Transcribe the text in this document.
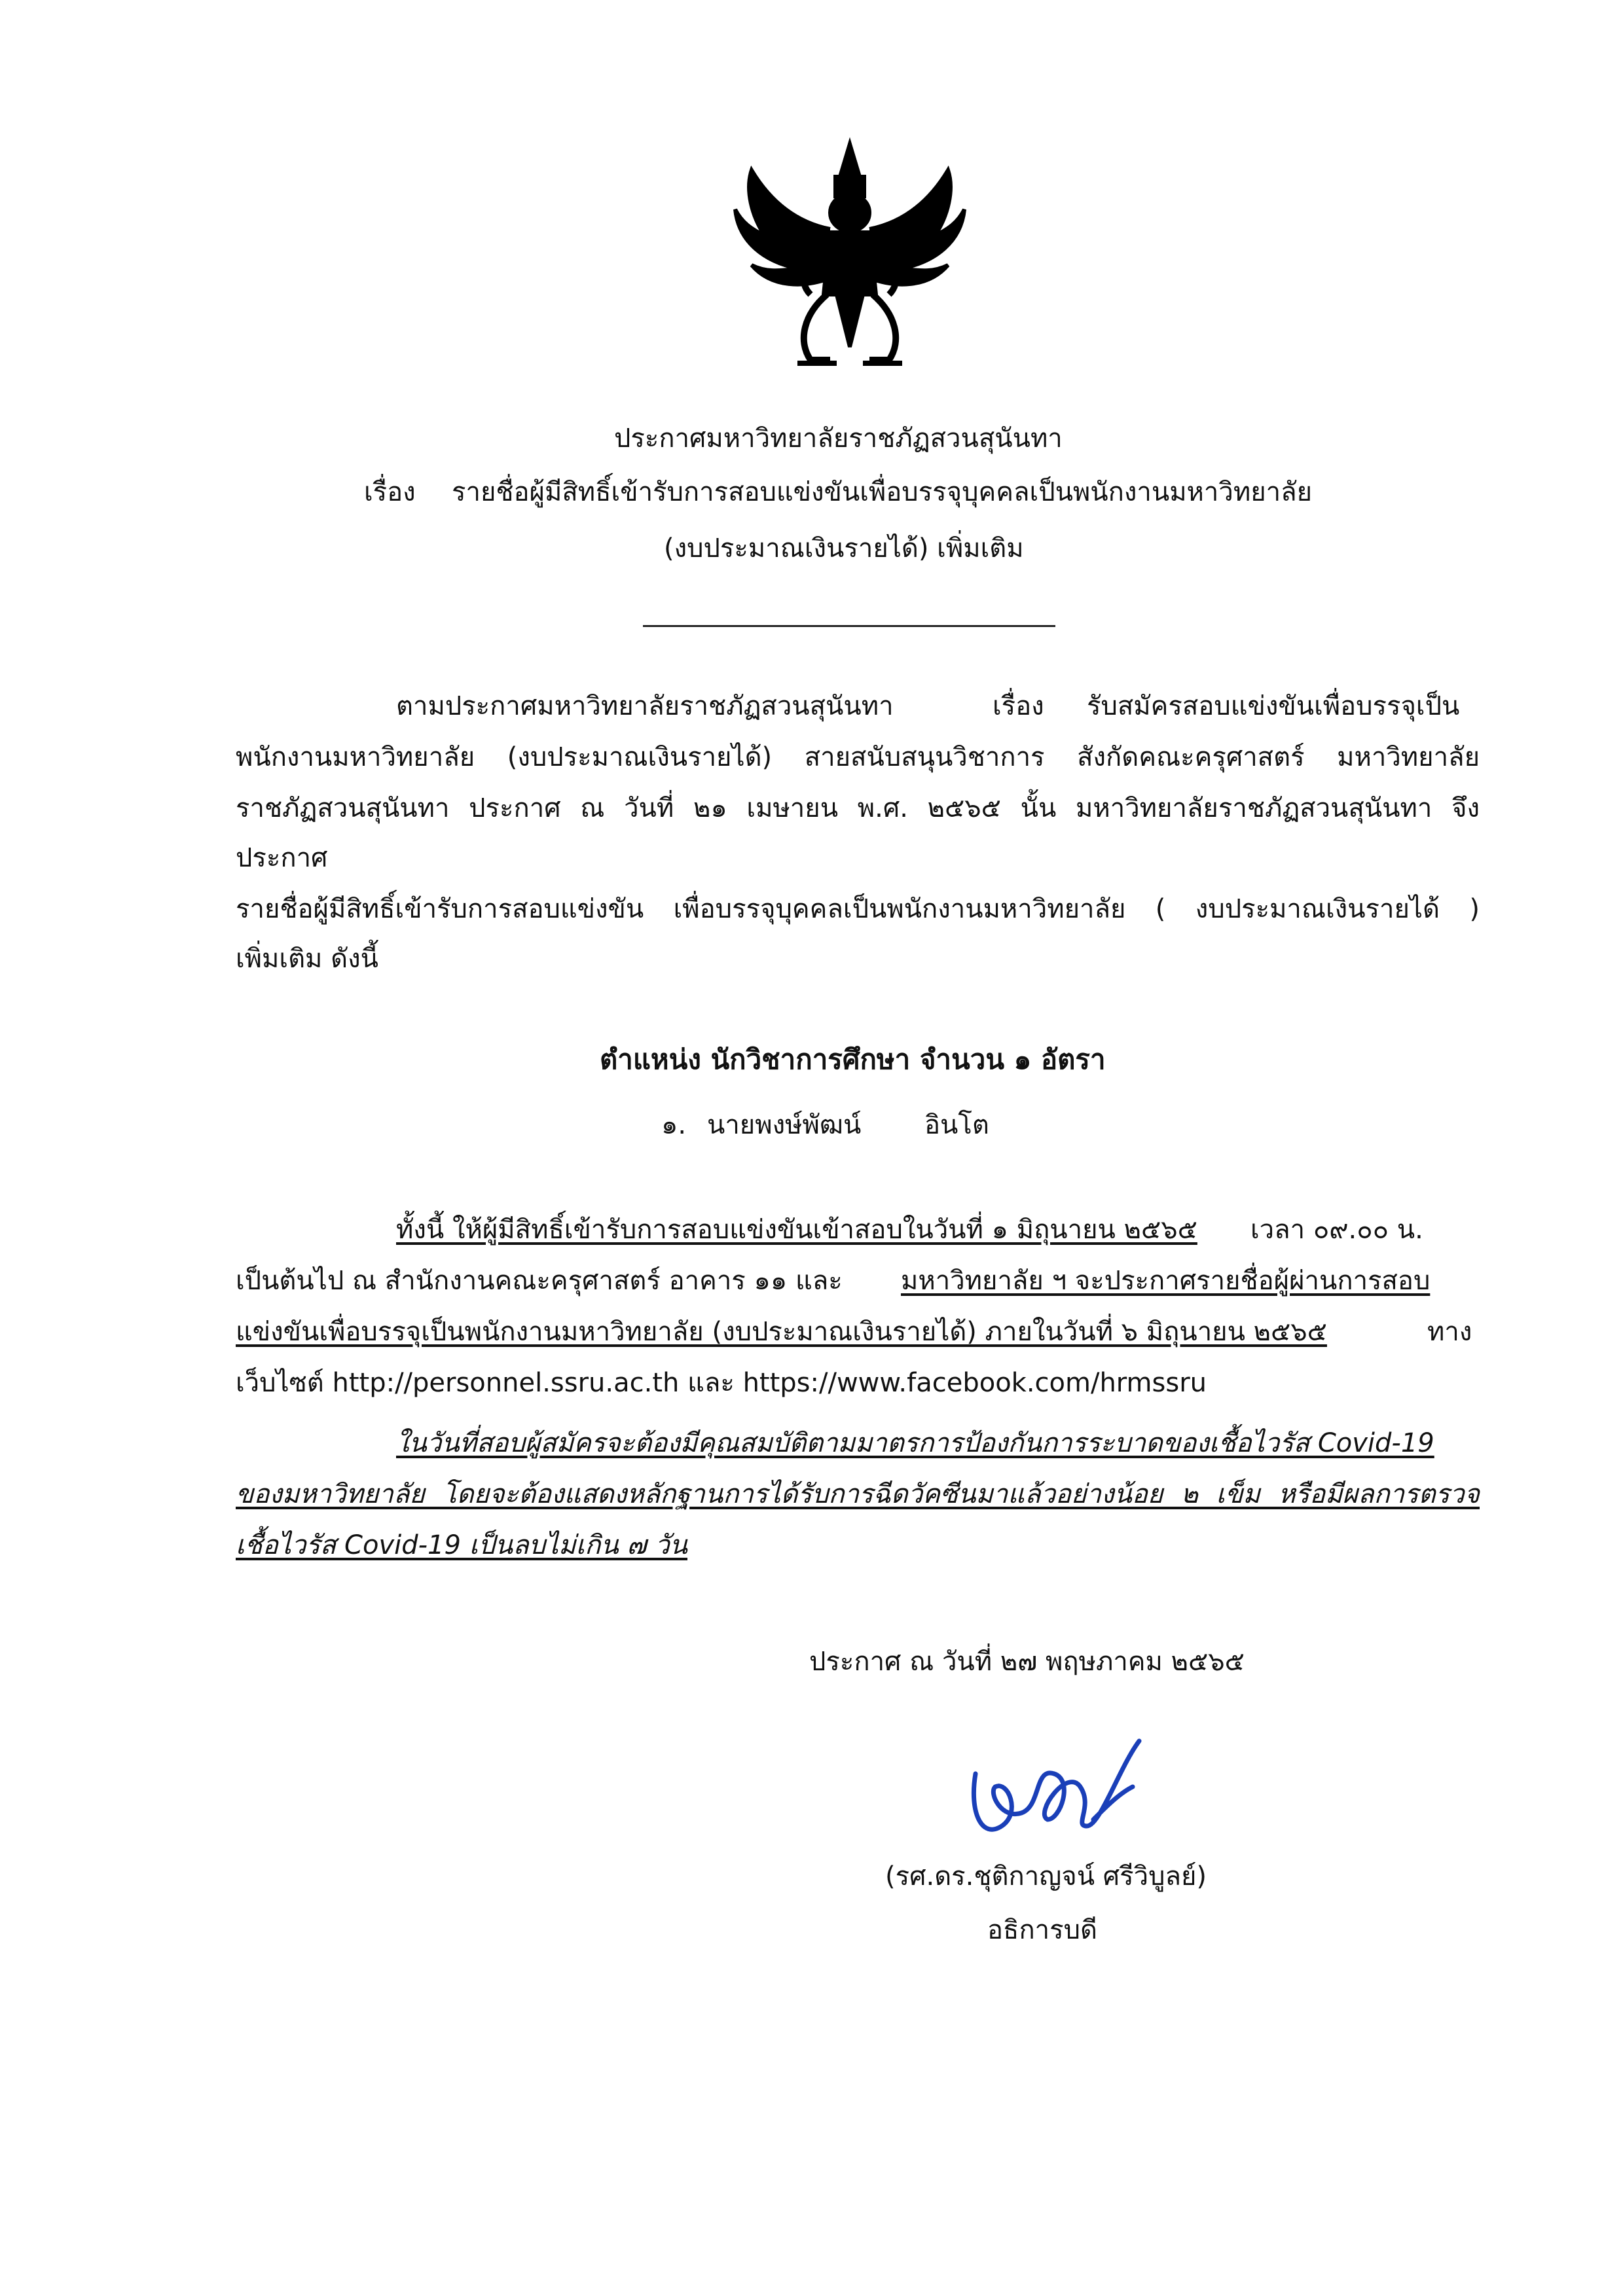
ประกาศมหาวิทยาลัยราชภัฏสวนสุนันทา
เรื่อง รายชื่อผู้มีสิทธิ์เข้ารับการสอบแข่งขันเพื่อบรรจุบุคคลเป็นพนักงานมหาวิทยาลัย
(งบประมาณเงินรายได้) เพิ่มเติม
ตามประกาศมหาวิทยาลัยราชภัฏสวนสุนันทา	เรื่อง รับสมัครสอบแข่งขันเพื่อบรรจุเป็น
พนักงานมหาวิทยาลัย (งบประมาณเงินรายได้) สายสนับสนุนวิชาการ สังกัดคณะครุศาสตร์ มหาวิทยาลัย
ราชภัฏสวนสุนันทา ประกาศ ณ วันที่ ๒๑ เมษายน พ.ศ. ๒๕๖๕ นั้น มหาวิทยาลัยราชภัฏสวนสุนันทา จึง
ประกาศ
รายชื่อผู้มีสิทธิ์เข้ารับการสอบแข่งขัน เพื่อบรรจุบุคคลเป็นพนักงานมหาวิทยาลัย ( งบประมาณเงินรายได้ )
เพิ่มเติม ดังนี้
ตำแหน่ง นักวิชาการศึกษา จำนวน ๑ อัตรา
๑. นายพงษ์พัฒน์ อินโต
ทั้งนี้ ให้ผู้มีสิทธิ์เข้ารับการสอบแข่งขันเข้าสอบในวันที่ ๑ มิถุนายน ๒๕๖๕ เวลา ๐๙.๐๐ น.
เป็นต้นไป ณ สำนักงานคณะครุศาสตร์ อาคาร ๑๑ และ มหาวิทยาลัย ฯ จะประกาศรายชื่อผู้ผ่านการสอบ
แข่งขันเพื่อบรรจุเป็นพนักงานมหาวิทยาลัย (งบประมาณเงินรายได้) ภายในวันที่ ๖ มิถุนายน ๒๕๖๕	ทาง
เว็บไซต์ http://personnel.ssru.ac.th และ https://www.facebook.com/hrmssru
ในวันที่สอบผู้สมัครจะต้องมีคุณสมบัติตามมาตรการป้องกันการระบาดของเชื้อไวรัส Covid-19
ของมหาวิทยาลัย โดยจะต้องแสดงหลักฐานการได้รับการฉีดวัคซีนมาแล้วอย่างน้อย ๒ เข็ม หรือมีผลการตรวจ
เชื้อไวรัส Covid-19 เป็นลบไม่เกิน ๗ วัน
ประกาศ ณ วันที่ ๒๗ พฤษภาคม ๒๕๖๕
(รศ.ดร.ชุติกาญจน์ ศรีวิบูลย์)
อธิการบดี
